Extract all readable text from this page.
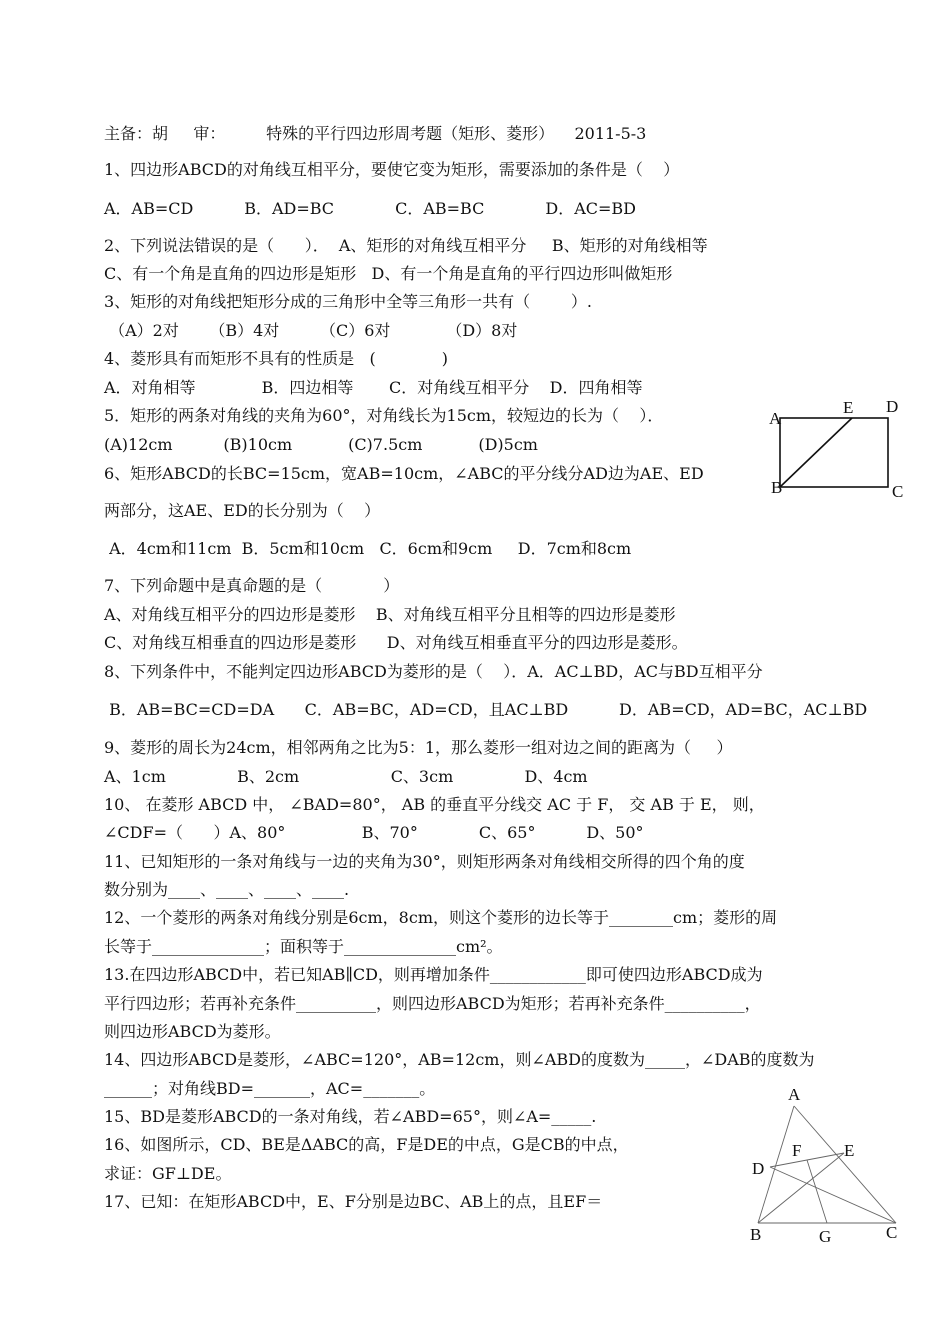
主备：胡     审：        特殊的平行四边形周考题（矩形、菱形）    2011-5-3
1、四边形ABCD的对角线互相平分，要使它变为矩形，需要添加的条件是（    ）
A．AB=CD          B．AD=BC            C．AB=BC            D．AC=BD
2、下列说法错误的是（      ）．  A、矩形的对角线互相平分     B、矩形的对角线相等
C、有一个角是直角的四边形是矩形   D、有一个角是直角的平行四边形叫做矩形
3、矩形的对角线把矩形分成的三角形中全等三角形一共有（        ）.
（A）2对      （B）4对        （C）6对           （D）8对
4、菱形具有而矩形不具有的性质是   (             )
A．对角相等             B．四边相等       C．对角线互相平分    D．四角相等
5．矩形的两条对角线的夹角为60°，对角线长为15cm，较短边的长为（    ）．
(A)12cm          (B)10cm           (C)7.5cm           (D)5cm
6、矩形ABCD的长BC=15cm，宽AB=10cm，∠ABC的平分线分AD边为AE、ED
两部分，这AE、ED的长分别为（    ）
A．4cm和11cm  B．5cm和10cm   C．6cm和9cm     D．7cm和8cm
7、下列命题中是真命题的是（            ）
A、对角线互相平分的四边形是菱形    B、对角线互相平分且相等的四边形是菱形
C、对角线互相垂直的四边形是菱形      D、对角线互相垂直平分的四边形是菱形。
8、下列条件中，不能判定四边形ABCD为菱形的是（    ）．A．AC⊥BD，AC与BD互相平分
B．AB=BC=CD=DA      C．AB=BC，AD=CD，且AC⊥BD          D．AB=CD，AD=BC，AC⊥BD
9、菱形的周长为24cm，相邻两角之比为5：1，那么菱形一组对边之间的距离为（     ）
A、1cm              B、2cm                  C、3cm              D、4cm
10、 在菱形 ABCD 中， ∠BAD=80°， AB 的垂直平分线交 AC 于 F， 交 AB 于 E， 则，
∠CDF=（      ）A、80°               B、70°            C、65°          D、50°
11、已知矩形的一条对角线与一边的夹角为30°，则矩形两条对角线相交所得的四个角的度
数分别为____、____、____、____.
12、一个菱形的两条对角线分别是6cm，8cm，则这个菱形的边长等于________cm；菱形的周
长等于______________；面积等于______________cm²。
13.在四边形ABCD中，若已知AB∥CD，则再增加条件____________即可使四边形ABCD成为
平行四边形；若再补充条件__________，则四边形ABCD为矩形；若再补充条件__________，
则四边形ABCD为菱形。
14、四边形ABCD是菱形，∠ABC=120°，AB=12cm，则∠ABD的度数为_____，∠DAB的度数为
______；对角线BD=_______，AC=_______。
15、BD是菱形ABCD的一条对角线，若∠ABD=65°，则∠A=_____.
16、如图所示，CD、BE是ΔABC的高，F是DE的中点，G是CB的中点，
求证：GF⊥DE。
17、已知：在矩形ABCD中，E、F分别是边BC、AB上的点，且EF＝
A
E D
B	C
A
F	E
D
B	G	C
